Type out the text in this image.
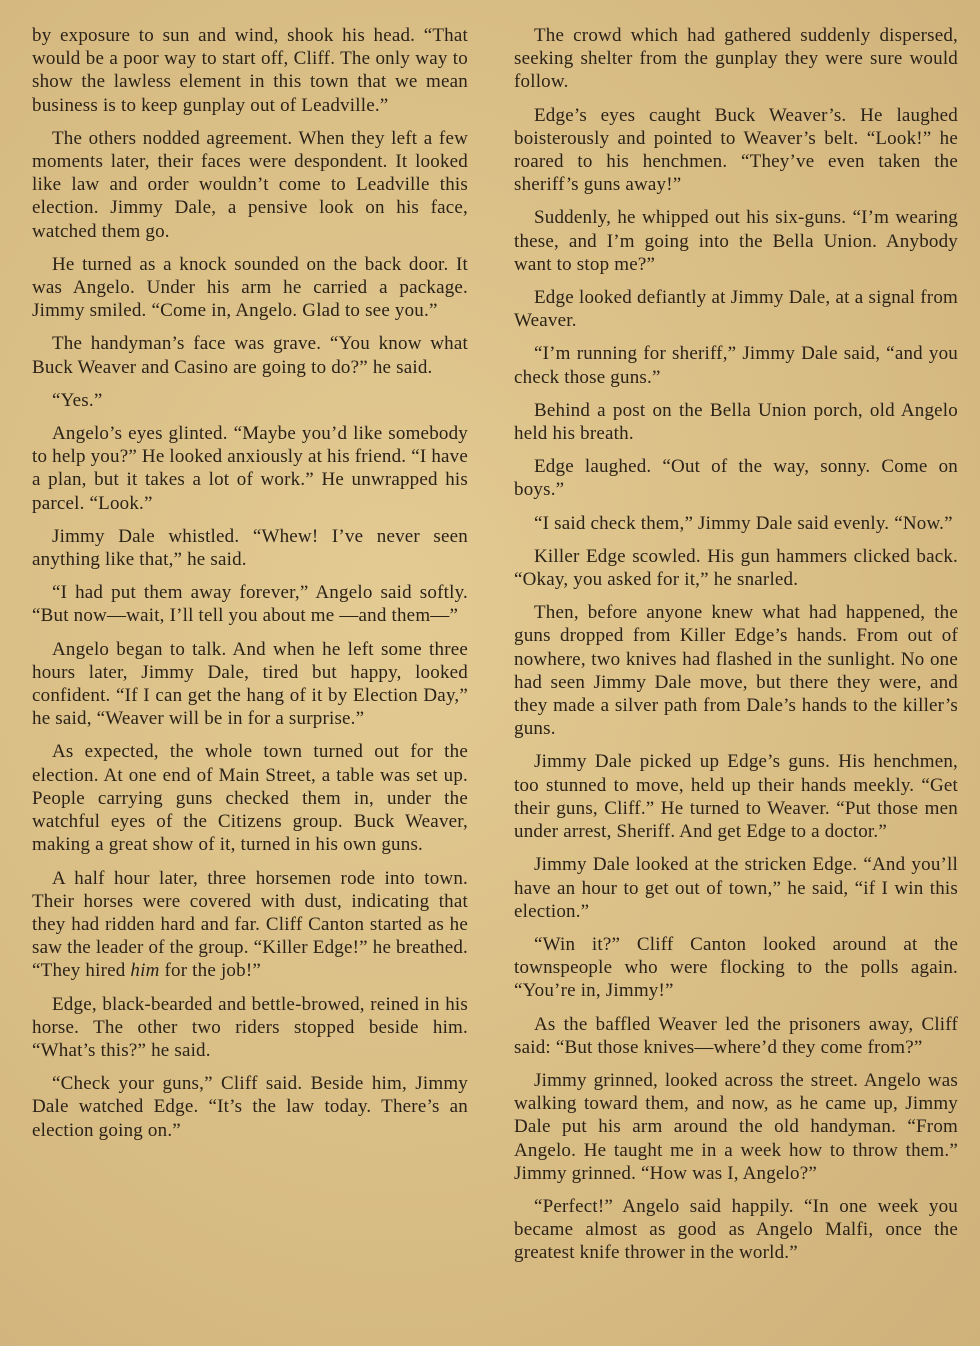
by exposure to sun and wind, shook his head. “That would be a poor way to start off, Cliff. The only way to show the lawless element in this town that we mean business is to keep gunplay out of Leadville.”

The others nodded agreement. When they left a few moments later, their faces were despondent. It looked like law and order wouldn’t come to Leadville this election. Jimmy Dale, a pensive look on his face, watched them go.

He turned as a knock sounded on the back door. It was Angelo. Under his arm he carried a package. Jimmy smiled. “Come in, Angelo. Glad to see you.”

The handyman’s face was grave. “You know what Buck Weaver and Casino are going to do?” he said.

“Yes.”

Angelo’s eyes glinted. “Maybe you’d like somebody to help you?” He looked anxiously at his friend. “I have a plan, but it takes a lot of work.” He unwrapped his parcel. “Look.”

Jimmy Dale whistled. “Whew! I’ve never seen anything like that,” he said.

“I had put them away forever,” Angelo said softly. “But now—wait, I’ll tell you about me —and them—”

Angelo began to talk. And when he left some three hours later, Jimmy Dale, tired but happy, looked confident. “If I can get the hang of it by Election Day,” he said, “Weaver will be in for a surprise.”

As expected, the whole town turned out for the election. At one end of Main Street, a table was set up. People carrying guns checked them in, under the watchful eyes of the Citizens group. Buck Weaver, making a great show of it, turned in his own guns.

A half hour later, three horsemen rode into town. Their horses were covered with dust, indicating that they had ridden hard and far. Cliff Canton started as he saw the leader of the group. “Killer Edge!” he breathed. “They hired him for the job!”

Edge, black-bearded and bettle-browed, reined in his horse. The other two riders stopped beside him. “What’s this?” he said.

“Check your guns,” Cliff said. Beside him, Jimmy Dale watched Edge. “It’s the law today. There’s an election going on.”

The crowd which had gathered suddenly dispersed, seeking shelter from the gunplay they were sure would follow.

Edge’s eyes caught Buck Weaver’s. He laughed boisterously and pointed to Weaver’s belt. “Look!” he roared to his henchmen. “They’ve even taken the sheriff’s guns away!”

Suddenly, he whipped out his six-guns. “I’m wearing these, and I’m going into the Bella Union. Anybody want to stop me?”

Edge looked defiantly at Jimmy Dale, at a signal from Weaver.

“I’m running for sheriff,” Jimmy Dale said, “and you check those guns.”

Behind a post on the Bella Union porch, old Angelo held his breath.

Edge laughed. “Out of the way, sonny. Come on boys.”

“I said check them,” Jimmy Dale said evenly. “Now.”

Killer Edge scowled. His gun hammers clicked back. “Okay, you asked for it,” he snarled.

Then, before anyone knew what had happened, the guns dropped from Killer Edge’s hands. From out of nowhere, two knives had flashed in the sunlight. No one had seen Jimmy Dale move, but there they were, and they made a silver path from Dale’s hands to the killer’s guns.

Jimmy Dale picked up Edge’s guns. His henchmen, too stunned to move, held up their hands meekly. “Get their guns, Cliff.” He turned to Weaver. “Put those men under arrest, Sheriff. And get Edge to a doctor.”

Jimmy Dale looked at the stricken Edge. “And you’ll have an hour to get out of town,” he said, “if I win this election.”

“Win it?” Cliff Canton looked around at the townspeople who were flocking to the polls again. “You’re in, Jimmy!”

As the baffled Weaver led the prisoners away, Cliff said: “But those knives—where’d they come from?”

Jimmy grinned, looked across the street. Angelo was walking toward them, and now, as he came up, Jimmy Dale put his arm around the old handyman. “From Angelo. He taught me in a week how to throw them.” Jimmy grinned. “How was I, Angelo?”

“Perfect!” Angelo said happily. “In one week you became almost as good as Angelo Malfi, once the greatest knife thrower in the world.”
